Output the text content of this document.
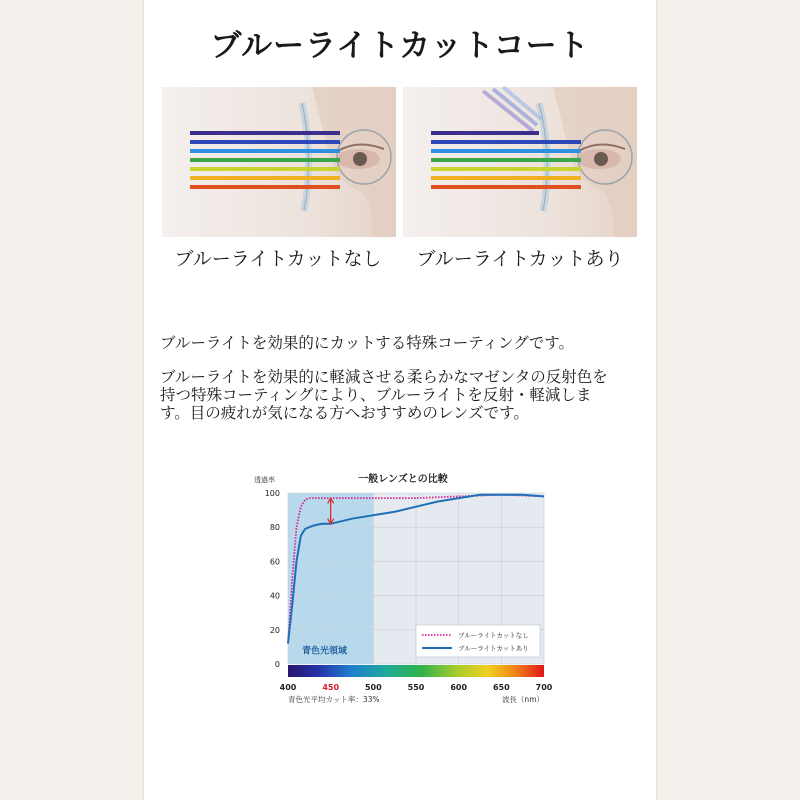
ブルーライトカットコート
ブルーライトカットなし	ブルーライトカットあり
ブルーライトを効果的にカットする特殊コーティングです。
ブルーライトを効果的に軽減させる柔らかなマゼンタの反射色を
持つ特殊コーティングにより、ブルーライトを反射・軽減しま
す。目の疲れが気になる方へおすすめのレンズです。
一般レンズとの比較
透過率
青色光領域
400	450	500	550	600	650	700
100
80
60
40
20
0
青色光平均カット率：33%	波長（nm）
ブルーライトカットなし
ブルーライトカットあり
